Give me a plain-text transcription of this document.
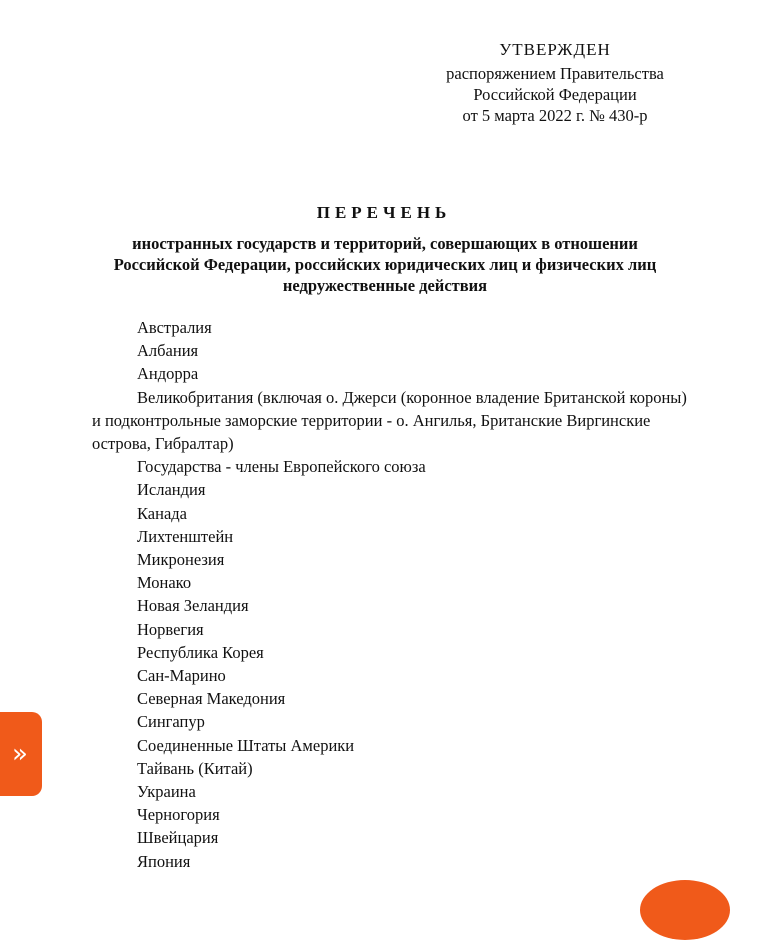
УТВЕРЖДЕН
распоряжением Правительства
Российской Федерации
от 5 марта 2022 г. № 430-р
ПЕРЕЧЕНЬ
иностранных государств и территорий, совершающих в отношении Российской Федерации, российских юридических лиц и физических лиц недружественные действия
Австралия
Албания
Андорра
Великобритания (включая о. Джерси (коронное владение Британской короны) и подконтрольные заморские территории - о. Ангилья, Британские Виргинские острова, Гибралтар)
Государства - члены Европейского союза
Исландия
Канада
Лихтенштейн
Микронезия
Монако
Новая Зеландия
Норвегия
Республика Корея
Сан-Марино
Северная Македония
Сингапур
Соединенные Штаты Америки
Тайвань (Китай)
Украина
Черногория
Швейцария
Япония
»
